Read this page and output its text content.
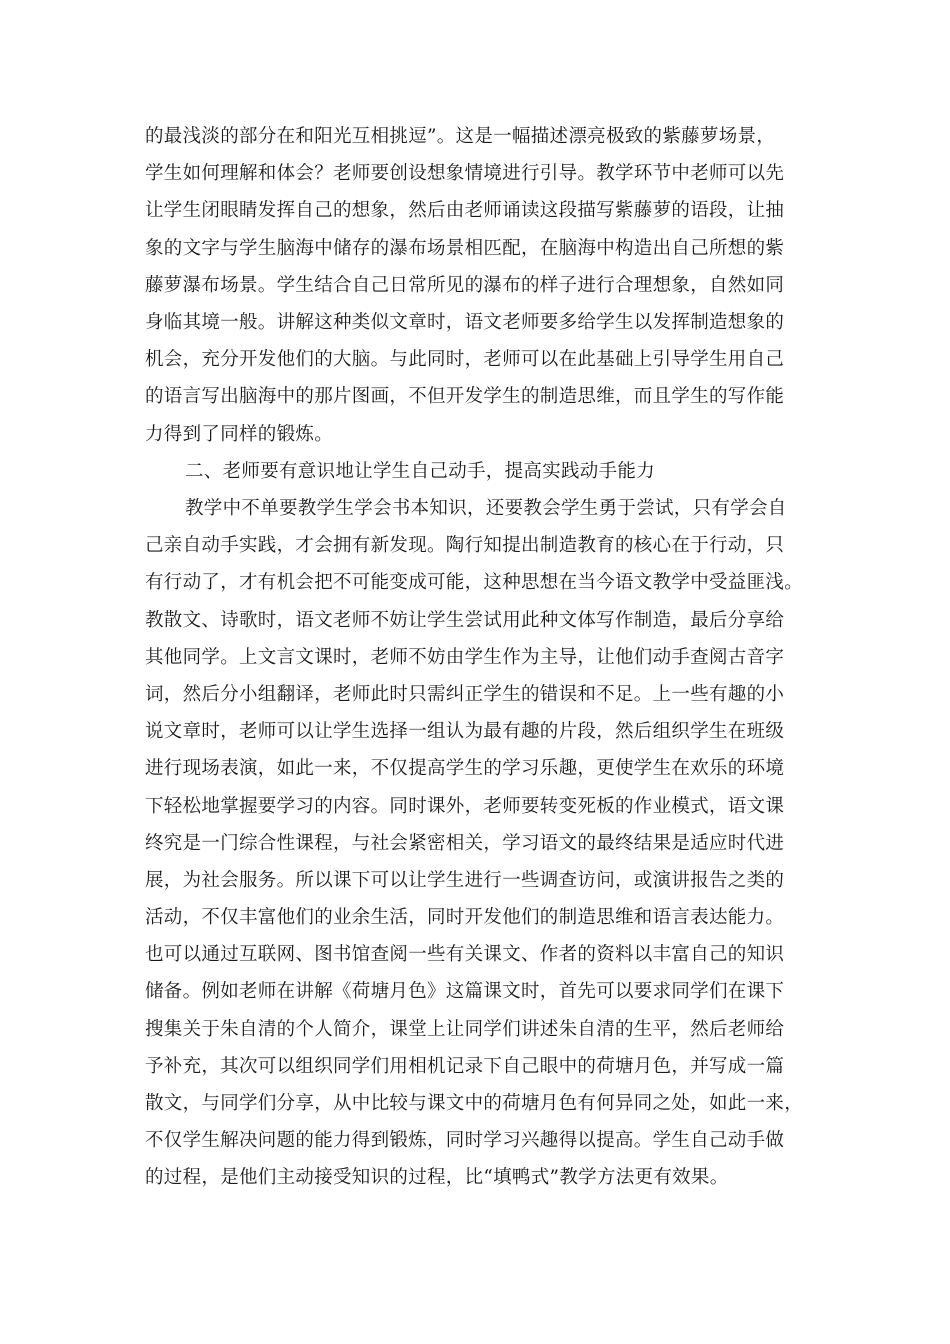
的最浅淡的部分在和阳光互相挑逗”。这是一幅描述漂亮极致的紫藤萝场景，
学生如何理解和体会？老师要创设想象情境进行引导。教学环节中老师可以先
让学生闭眼睛发挥自己的想象，然后由老师诵读这段描写紫藤萝的语段，让抽
象的文字与学生脑海中储存的瀑布场景相匹配，在脑海中构造出自己所想的紫
藤萝瀑布场景。学生结合自己日常所见的瀑布的样子进行合理想象，自然如同
身临其境一般。讲解这种类似文章时，语文老师要多给学生以发挥制造想象的
机会，充分开发他们的大脑。与此同时，老师可以在此基础上引导学生用自己
的语言写出脑海中的那片图画，不但开发学生的制造思维，而且学生的写作能
力得到了同样的锻炼。
二、老师要有意识地让学生自己动手，提高实践动手能力
教学中不单要教学生学会书本知识，还要教会学生勇于尝试，只有学会自
己亲自动手实践，才会拥有新发现。陶行知提出制造教育的核心在于行动，只
有行动了，才有机会把不可能变成可能，这种思想在当今语文教学中受益匪浅。
教散文、诗歌时，语文老师不妨让学生尝试用此种文体写作制造，最后分享给
其他同学。上文言文课时，老师不妨由学生作为主导，让他们动手查阅古音字
词，然后分小组翻译，老师此时只需纠正学生的错误和不足。上一些有趣的小
说文章时，老师可以让学生选择一组认为最有趣的片段，然后组织学生在班级
进行现场表演，如此一来，不仅提高学生的学习乐趣，更使学生在欢乐的环境
下轻松地掌握要学习的内容。同时课外，老师要转变死板的作业模式，语文课
终究是一门综合性课程，与社会紧密相关，学习语文的最终结果是适应时代进
展，为社会服务。所以课下可以让学生进行一些调查访问，或演讲报告之类的
活动，不仅丰富他们的业余生活，同时开发他们的制造思维和语言表达能力。
也可以通过互联网、图书馆查阅一些有关课文、作者的资料以丰富自己的知识
储备。例如老师在讲解《荷塘月色》这篇课文时，首先可以要求同学们在课下
搜集关于朱自清的个人简介，课堂上让同学们讲述朱自清的生平，然后老师给
予补充，其次可以组织同学们用相机记录下自己眼中的荷塘月色，并写成一篇
散文，与同学们分享，从中比较与课文中的荷塘月色有何异同之处，如此一来，
不仅学生解决问题的能力得到锻炼，同时学习兴趣得以提高。学生自己动手做
的过程，是他们主动接受知识的过程，比“填鸭式”教学方法更有效果。
